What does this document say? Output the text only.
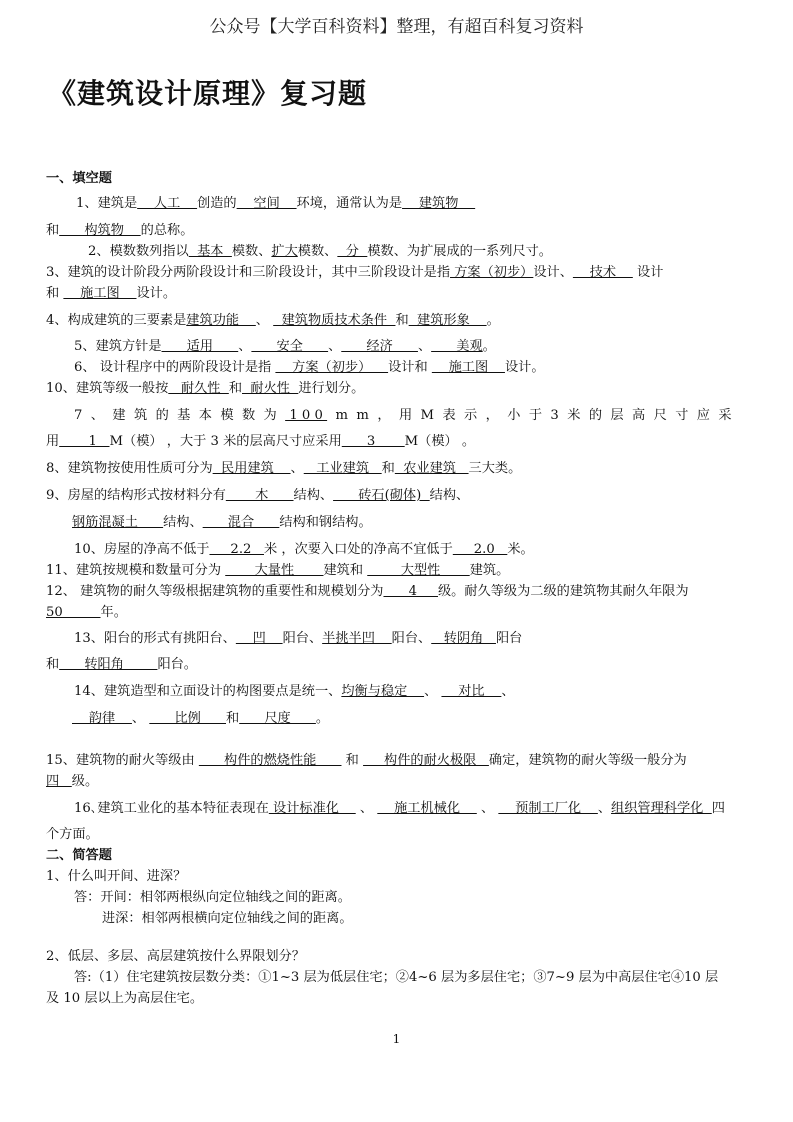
公众号【大学百科资料】整理，有超百科复习资料
《建筑设计原理》复习题
一、填空题
1、建筑是    人工    创造的    空间    环境，通常认为是    建筑物
和      构筑物    的总称。
2、模数数列指以  基本  模数、扩大模数、  分  模数、为扩展成的一系列尺寸。
3、建筑的设计阶段分两阶段设计和三阶段设计，其中三阶段设计是指 方案（初步）设计、    技术     设计
和     施工图    设计。
4、构成建筑的三要素是建筑功能    、   建筑物质技术条件  和  建筑形象    。
5、建筑方针是      适用      、      安全      、      经济      、      美观。
6、 设计程序中的两阶段设计是指     方案（初步）    设计和     施工图    设计。
10、建筑等级一般按   耐久性  和  耐火性  进行划分。
7 、 建 筑 的 基 本 模 数 为 1 0 0 m m ， 用 M 表 示 ， 小 于 3 米 的 层 高 尺 寸 应 采
用       1   M（模） ，大于 3 米的层高尺寸应采用      3       M（模） 。
8、建筑物按使用性质可分为  民用建筑    、   工业建筑   和  农业建筑   三大类。
9、房屋的结构形式按材料分有       木      结构、      砖石(砌体)  结构、
钢筋混凝土      结构、      混合      结构和钢结构。
10、房屋的净高不低于     2.2   米 ，次要入口处的净高不宜低于     2.0   米。
11、建筑按规模和数量可分为        大量性       建筑和         大型性       建筑。
12、 建筑物的耐久等级根据建筑物的重要性和规模划分为      4     级。耐久等级为二级的建筑物其耐久年限为
50         年。
13、阳台的形式有挑阳台、    凹    阳台、半挑半凹    阳台、   转阴角   阳台
和      转阳角        阳台。
14、建筑造型和立面设计的构图要点是统一、均衡与稳定    、     对比    、
韵律    、       比例      和      尺度      。
15、建筑物的耐火等级由       构件的燃烧性能       和      构件的耐火极限   确定，建筑物的耐火等级一般分为
四   级。
16､建筑工业化的基本特征表现在 设计标准化     、     施工机械化     、     预制工厂化    、组织管理科学化  四
个方面。
二、简答题
1、什么叫开间、进深？
答：开间：相邻两根纵向定位轴线之间的距离。
进深：相邻两根横向定位轴线之间的距离。
2、低层、多层、高层建筑按什么界限划分？
答:（1）住宅建筑按层数分类：①1~3 层为低层住宅；②4~6 层为多层住宅；③7~9 层为中高层住宅④10 层
及 10 层以上为高层住宅。
1
